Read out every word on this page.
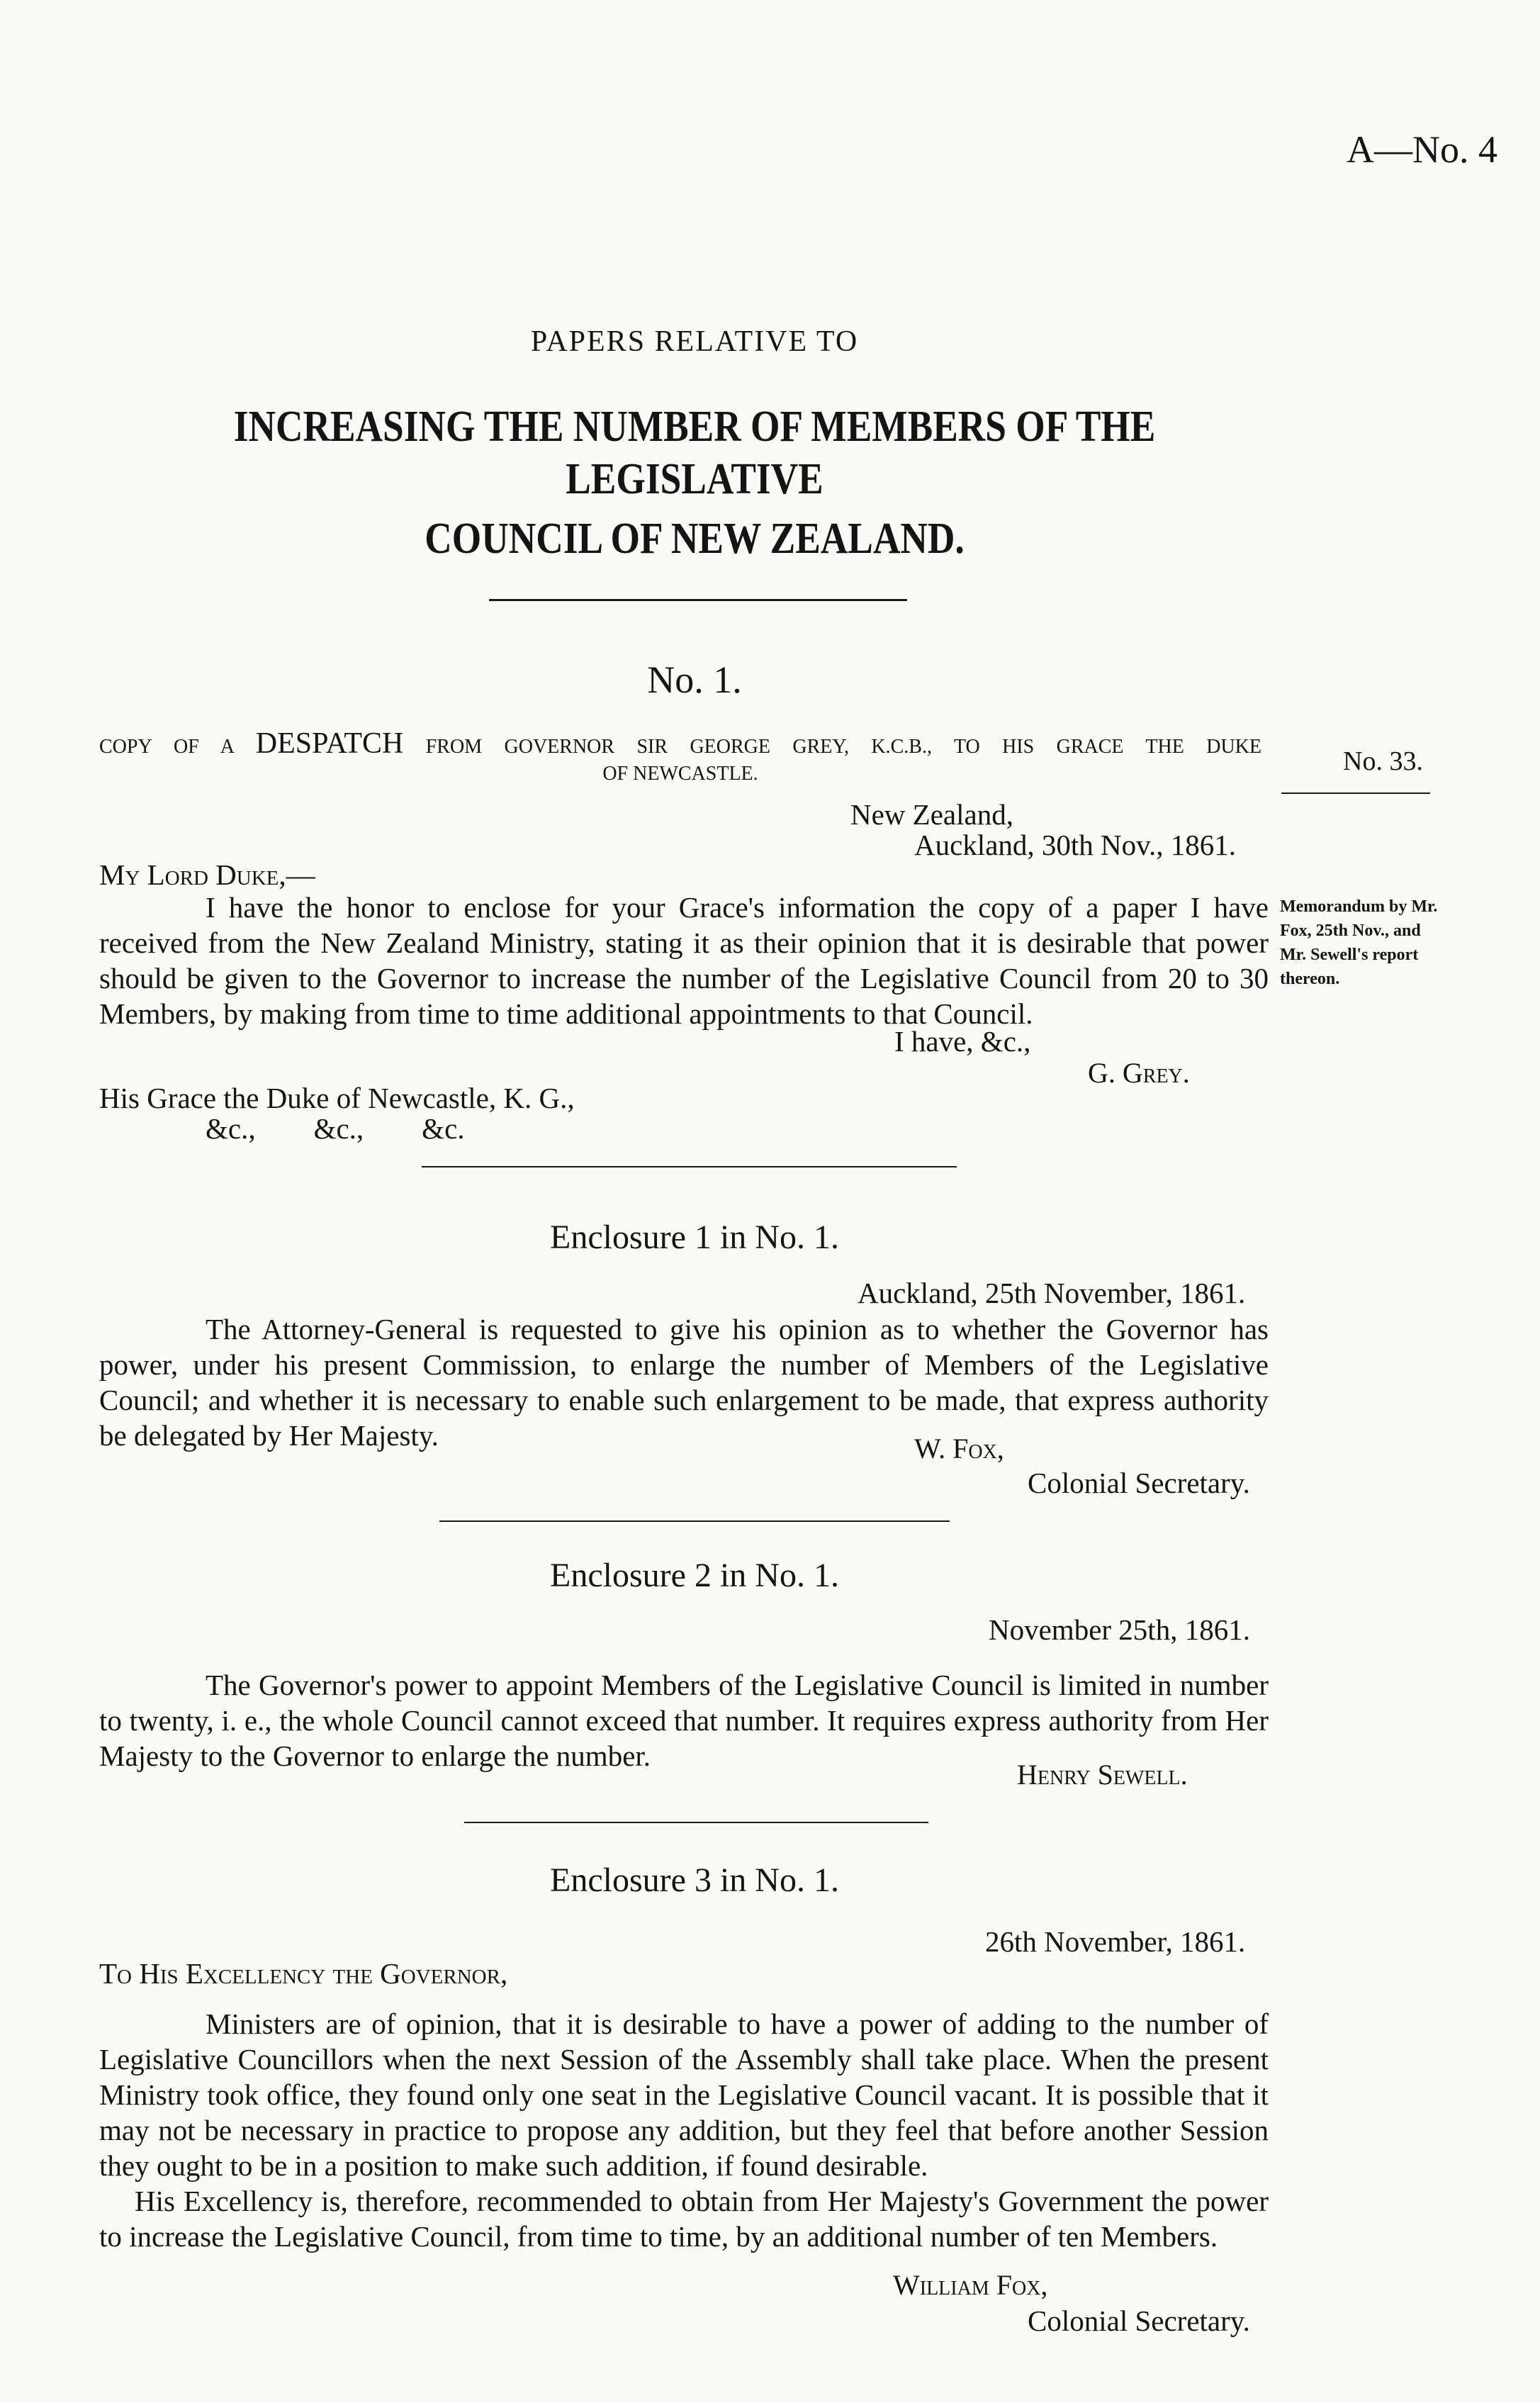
A—No. 4
PAPERS RELATIVE TO
INCREASING THE NUMBER OF MEMBERS OF THE LEGISLATIVE
COUNCIL OF NEW ZEALAND.
No. 1.
COPY OF A DESPATCH FROM GOVERNOR SIR GEORGE GREY, K.C.B., TO HIS GRACE THE DUKE
OF NEWCASTLE.	No. 33.
New Zealand,
Auckland, 30th Nov., 1861.
My Lord Duke,—
I have the honor to enclose for your Grace's information the copy of a paper I have received from the New Zealand Ministry, stating it as their opinion that it is desirable that power should be given to the Governor to increase the number of the Legislative Council from 20 to 30 Members, by making from time to time additional appointments to that Council.
Memorandum by Mr. Fox, 25th Nov., and Mr. Sewell's report thereon.
I have, &c.,
G. Grey.
His Grace the Duke of Newcastle, K. G.,
&c.,        &c.,        &c.
Enclosure 1 in No. 1.
Auckland, 25th November, 1861.
The Attorney-General is requested to give his opinion as to whether the Governor has power, under his present Commission, to enlarge the number of Members of the Legislative Council; and whether it is necessary to enable such enlargement to be made, that express authority be delegated by Her Majesty.	W. Fox,
Colonial Secretary.
Enclosure 2 in No. 1.
November 25th, 1861.
The Governor's power to appoint Members of the Legislative Council is limited in number to twenty, i. e., the whole Council cannot exceed that number. It requires express authority from Her Majesty to the Governor to enlarge the number.
Henry Sewell.
Enclosure 3 in No. 1.
26th November, 1861.
To His Excellency the Governor,
Ministers are of opinion, that it is desirable to have a power of adding to the number of Legislative Councillors when the next Session of the Assembly shall take place. When the present Ministry took office, they found only one seat in the Legislative Council vacant. It is possible that it may not be necessary in practice to propose any addition, but they feel that before another Session they ought to be in a position to make such addition, if found desirable.
His Excellency is, therefore, recommended to obtain from Her Majesty's Government the power to increase the Legislative Council, from time to time, by an additional number of ten Members.
William Fox,
Colonial Secretary.
